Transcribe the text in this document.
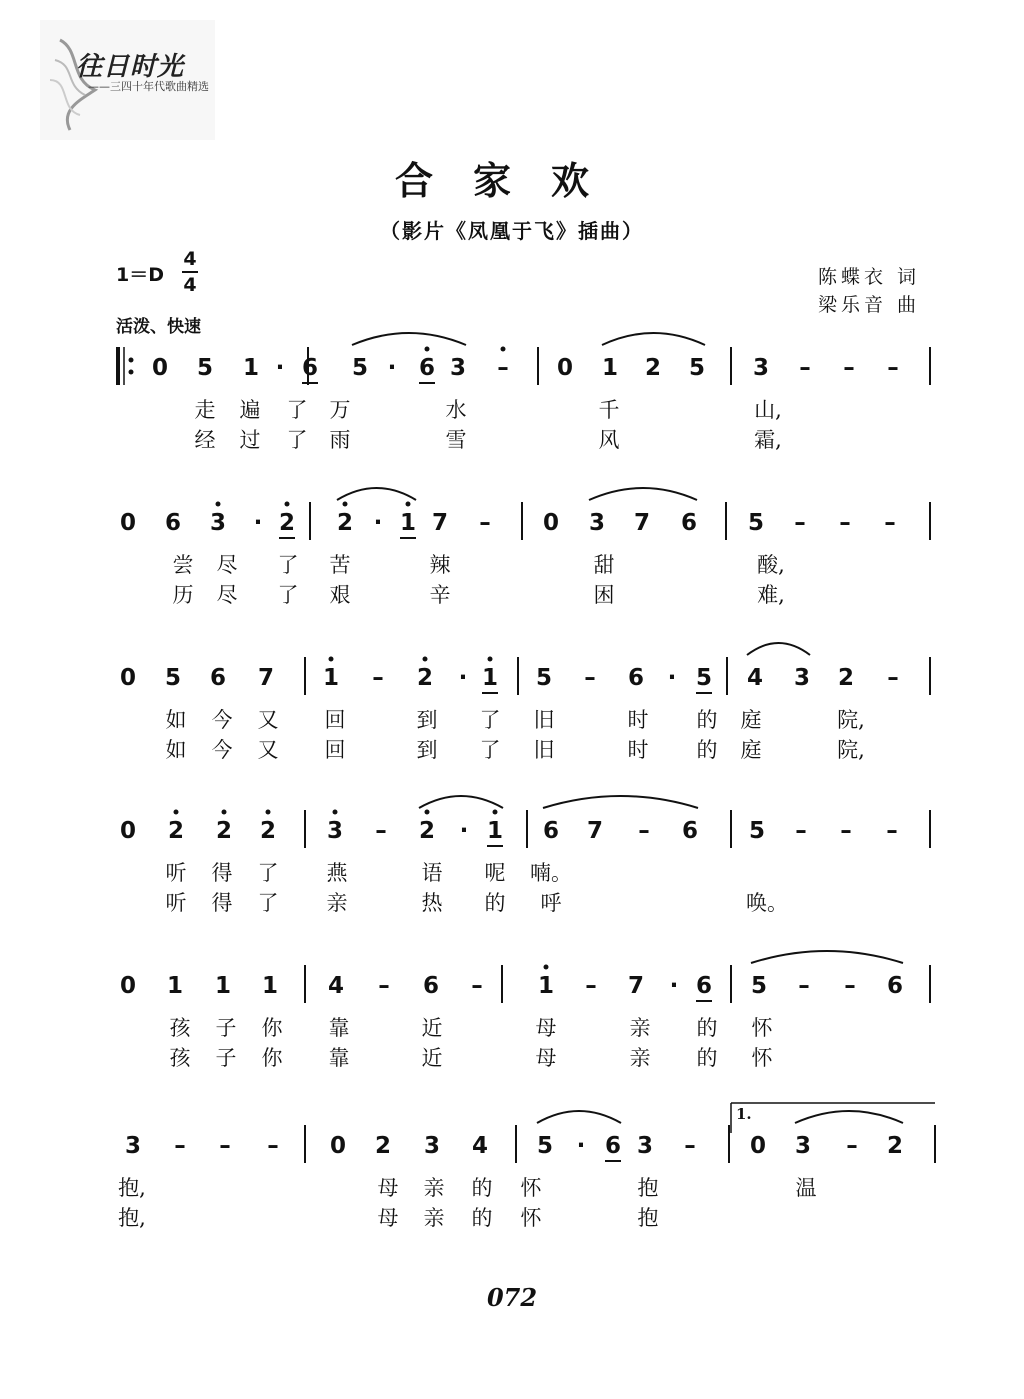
往日时光
——三四十年代歌曲精选
合家欢
（影片《凤凰于飞》插曲）
1＝D
4
4
活泼、快速
陈蝶衣 词
梁乐音 曲
0 5 1 · 6 5 · 6 3 – 0 1 2 5 3 – – –
走 遍 了 万	水	千	山,
经 过 了 雨	雪	风	霜,
0 6 3 · 2 2 · 1 7 – 0 3 7 6 5 – – –
尝 尽 了 苦	辣	甜	酸,
历 尽 了 艰	辛	困	难,
0 5 6 7 1 – 2 · 1 5 – 6 · 5 4 3 2 –
如 今 又 回	到 了 旧	时 的 庭	院,
如 今 又 回	到 了 旧	时 的 庭	院,
0 2 2 2 3 – 2 · 1 6 7 – 6 5 – – –
听 得 了 燕	语 呢 喃。
听 得 了 亲	热 的 呼	唤。
0 1 1 1 4 – 6 – 1 – 7 · 6 5 – – 6
孩 子 你 靠	近	母	亲 的 怀
孩 子 你 靠	近	母	亲 的 怀
3 – – – 0 2 3 4 5 · 6 3 – 0 3 – 2
1.
抱,	母 亲 的 怀	抱	温
抱,	母 亲 的 怀	抱
072
